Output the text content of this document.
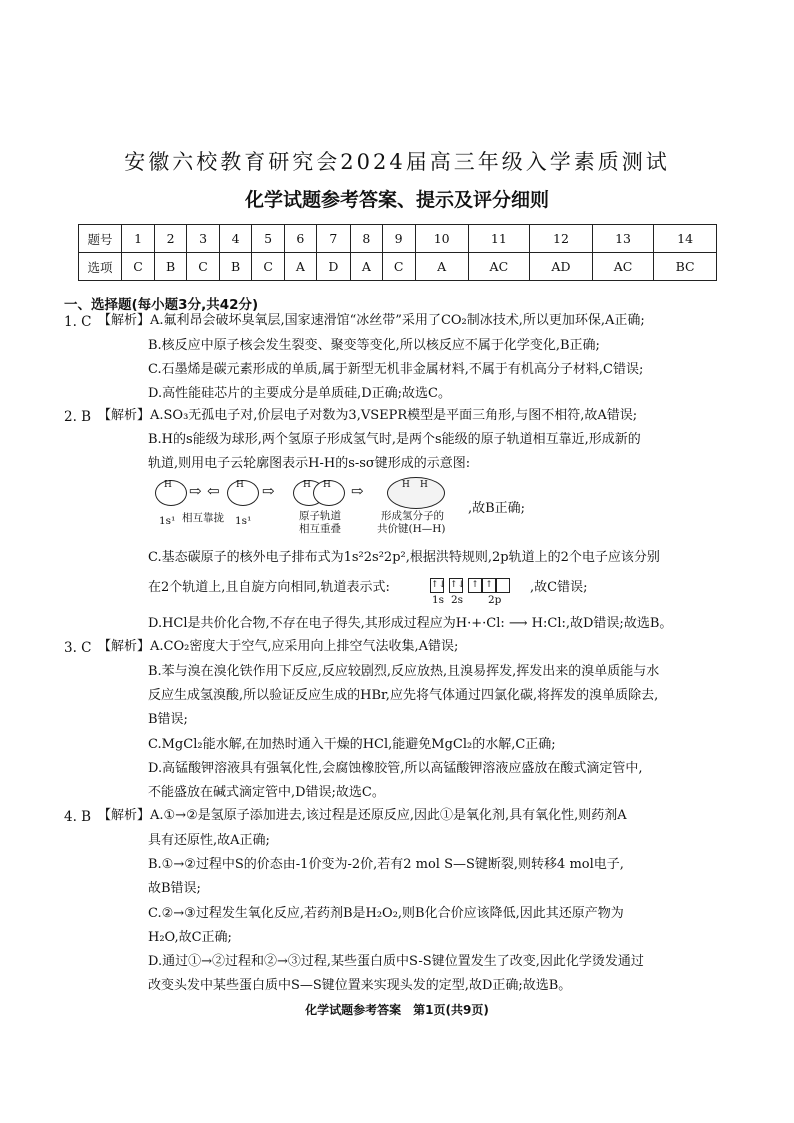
安徽六校教育研究会2024届高三年级入学素质测试
化学试题参考答案、提示及评分细则
题号	1	2	3	4	5	6	7	8	9	10	11	12	13	14
选项	C	B	C	B	C	A	D	A	C	A	AC	AD	AC	BC
一、选择题(每小题3分,共42分)
1. C 【解析】A.氟利昂会破坏臭氧层,国家速滑馆“冰丝带”采用了CO₂制冰技术,所以更加环保,A正确;
B.核反应中原子核会发生裂变、聚变等变化,所以核反应不属于化学变化,B正确;
C.石墨烯是碳元素形成的单质,属于新型无机非金属材料,不属于有机高分子材料,C错误;
D.高性能硅芯片的主要成分是单质硅,D正确;故选C。
2. B 【解析】A.SO₃无孤电子对,价层电子对数为3,VSEPR模型是平面三角形,与图不相符,故A错误;
B.H的s能级为球形,两个氢原子形成氢气时,是两个s能级的原子轨道相互靠近,形成新的
轨道,则用电子云轮廓图表示H-H的s-sσ键形成的示意图:
H ⇨ ⇦ H ⇨	H H ⇨	H H
1s¹ 相互靠拢 1s¹	原子轨道
相互重叠
形成氢分子的
共价键(H—H)
,故B正确;
C.基态碳原子的核外电子排布式为1s²2s²2p²,根据洪特规则,2p轨道上的2个电子应该分别
在2个轨道上,且自旋方向相同,轨道表示式:	↑↓ ↑↓ ↑ ↑
1s 2s 2p
,故C错误;
D.HCl是共价化合物,不存在电子得失,其形成过程应为H·+·Cl: ⟶ H:Cl:,故D错误;故选B。
3. C 【解析】A.CO₂密度大于空气,应采用向上排空气法收集,A错误;
B.苯与溴在溴化铁作用下反应,反应较剧烈,反应放热,且溴易挥发,挥发出来的溴单质能与水
反应生成氢溴酸,所以验证反应生成的HBr,应先将气体通过四氯化碳,将挥发的溴单质除去,
B错误;
C.MgCl₂能水解,在加热时通入干燥的HCl,能避免MgCl₂的水解,C正确;
D.高锰酸钾溶液具有强氧化性,会腐蚀橡胶管,所以高锰酸钾溶液应盛放在酸式滴定管中,
不能盛放在碱式滴定管中,D错误;故选C。
4. B 【解析】A.①→②是氢原子添加进去,该过程是还原反应,因此①是氧化剂,具有氧化性,则药剂A
具有还原性,故A正确;
B.①→②过程中S的价态由-1价变为-2价,若有2 mol S—S键断裂,则转移4 mol电子,
故B错误;
C.②→③过程发生氧化反应,若药剂B是H₂O₂,则B化合价应该降低,因此其还原产物为
H₂O,故C正确;
D.通过①→②过程和②→③过程,某些蛋白质中S-S键位置发生了改变,因此化学烫发通过
改变头发中某些蛋白质中S—S键位置来实现头发的定型,故D正确;故选B。
化学试题参考答案　第1页(共9页)
